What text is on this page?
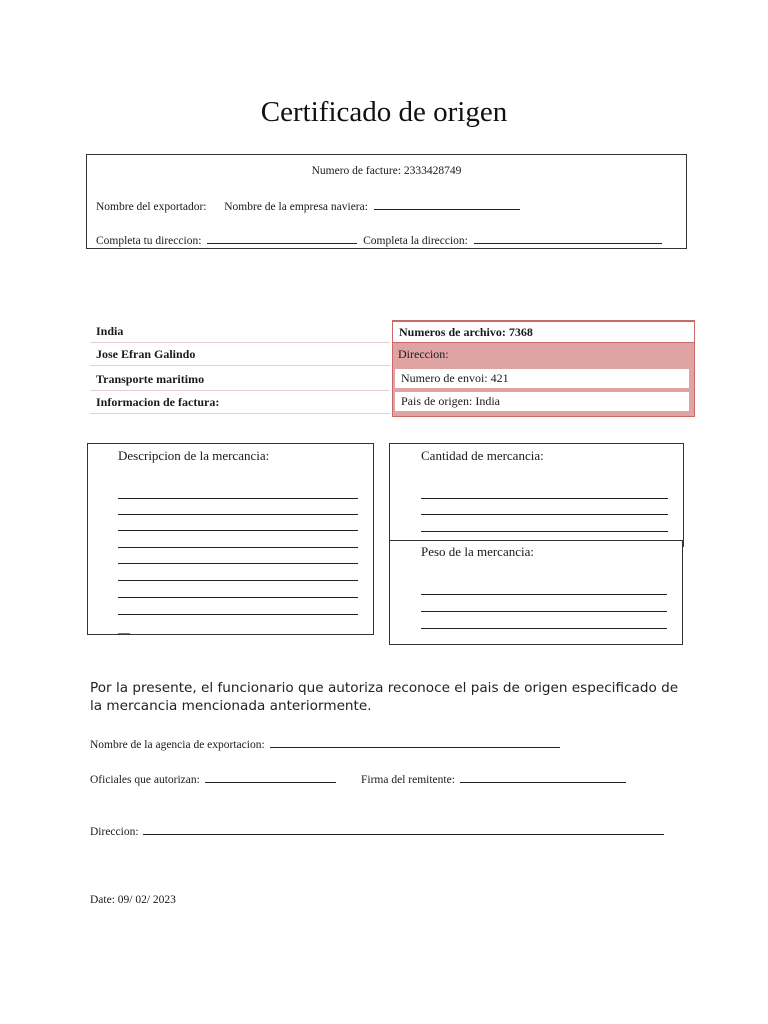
Certificado de origen
Numero de facture: 2333428749
Nombre del exportador: Nombre de la empresa naviera:
Completa tu direccion:	Completa la direccion:
India
Jose Efran Galindo
Transporte maritimo
Informacion de factura:
Numeros de archivo: 7368
Direccion:
Numero de envoi: 421
Pais de origen: India
Descripcion de la mercancia:
__
Cantidad de mercancia:
Peso de la mercancia:
Por la presente, el funcionario que autoriza reconoce el pais de origen especificado de la mercancia mencionada anteriormente.
Nombre de la agencia de exportacion:
Oficiales que autorizan:	Firma del remitente:
Direccion:
Date: 09/ 02/ 2023
